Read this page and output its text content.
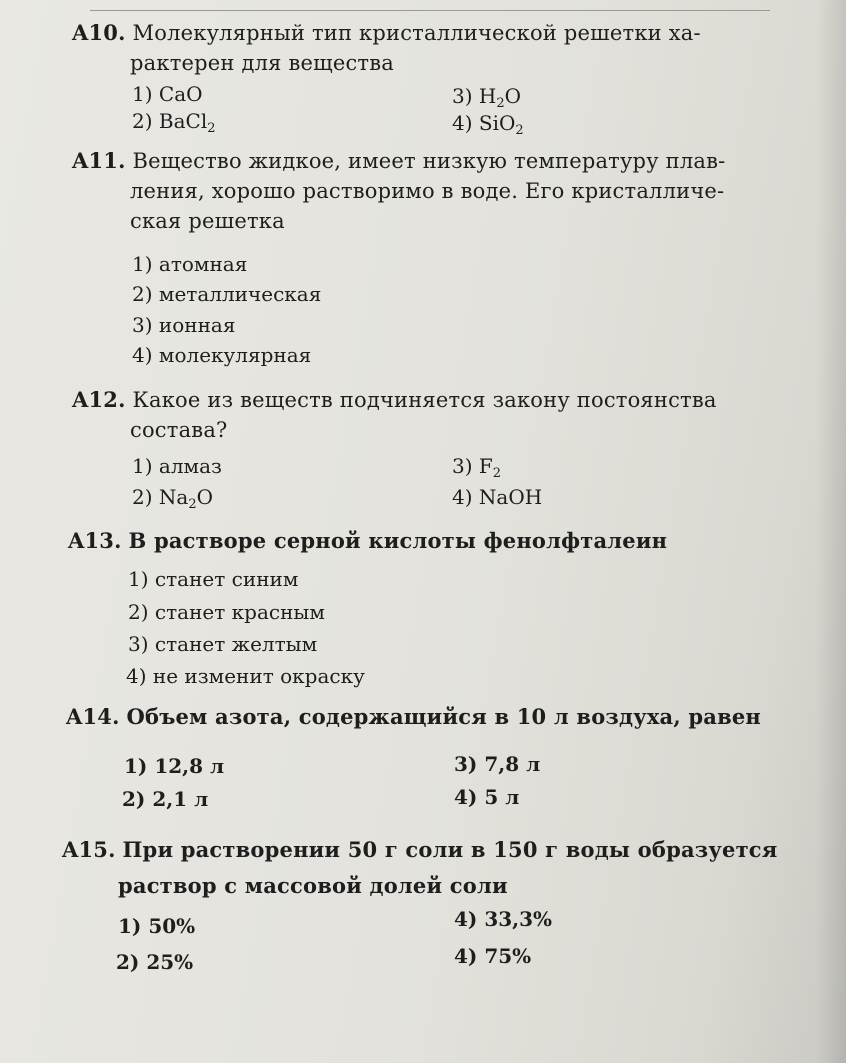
A10. Молекулярный тип кристаллической решетки ха-
рактерен для вещества

1) CaO	3) $H_2O$
2) BaCl$_2$	4) SiO$_2$

A11. Вещество жидкое, имеет низкую температуру плав-
ления, хорошо растворимо в воде. Его кристалличе-
ская решетка

1) атомная
2) металлическая
3) ионная
4) молекулярная

A12. Какое из веществ подчиняется закону постоянства
состава?

1) алмаз	3) $F_2$
2) $Na_2O$	4) NaOH

A13. В растворе серной кислоты фенолфталеин

1) станет синим
2) станет красным
3) станет желтым
4) не изменит окраску

A14. Объем азота, содержащийся в 10 л воздуха, равен

1) 12,8 л	3) 7,8 л
2) 2,1 л	4) 5 л

A15. При растворении 50 г соли в 150 г воды образуется
раствор с массовой долей соли

1) 50%	4) 33,3%
2) 25%	4) 75%
